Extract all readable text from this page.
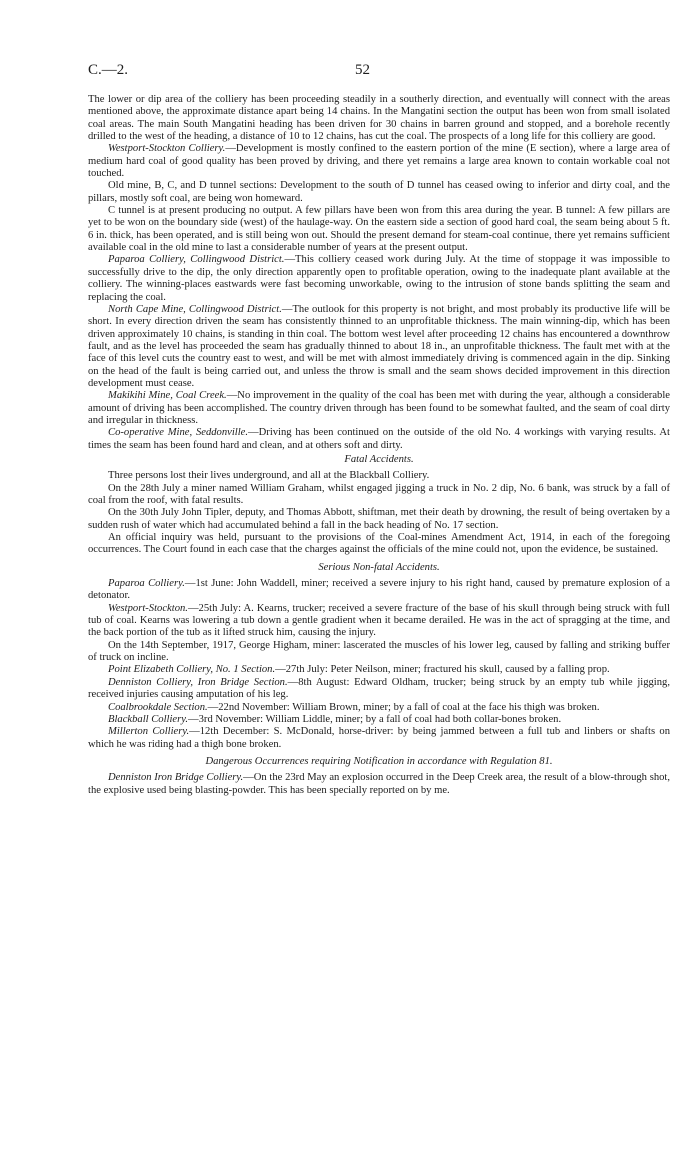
C.—2.	52

The lower or dip area of the colliery has been proceeding steadily in a southerly direction, and eventually will connect with the areas mentioned above, the approximate distance apart being 14 chains. In the Mangatini section the output has been won from small isolated coal areas. The main South Mangatini heading has been driven for 30 chains in barren ground and stopped, and a borehole recently drilled to the west of the heading, a distance of 10 to 12 chains, has cut the coal. The prospects of a long life for this colliery are good.

Westport-Stockton Colliery.—Development is mostly confined to the eastern portion of the mine (E section), where a large area of medium hard coal of good quality has been proved by driving, and there yet remains a large area known to contain workable coal not touched.

Old mine, B, C, and D tunnel sections: Development to the south of D tunnel has ceased owing to inferior and dirty coal, and the pillars, mostly soft coal, are being won homeward.

C tunnel is at present producing no output. A few pillars have been won from this area during the year. B tunnel: A few pillars are yet to be won on the boundary side (west) of the haulage-way. On the eastern side a section of good hard coal, the seam being about 5 ft. 6 in. thick, has been operated, and is still being won out. Should the present demand for steam-coal continue, there yet remains sufficient available coal in the old mine to last a considerable number of years at the present output.

Paparoa Colliery, Collingwood District.—This colliery ceased work during July. At the time of stoppage it was impossible to successfully drive to the dip, the only direction apparently open to profitable operation, owing to the inadequate plant available at the colliery. The winning-places eastwards were fast becoming unworkable, owing to the intrusion of stone bands splitting the seam and replacing the coal.

North Cape Mine, Collingwood District.—The outlook for this property is not bright, and most probably its productive life will be short. In every direction driven the seam has consistently thinned to an unprofitable thickness. The main winning-dip, which has been driven approximately 10 chains, is standing in thin coal. The bottom west level after proceeding 12 chains has encountered a downthrow fault, and as the level has proceeded the seam has gradually thinned to about 18 in., an unprofitable thickness. The fault met with at the face of this level cuts the country east to west, and will be met with almost immediately driving is commenced again in the dip. Sinking on the head of the fault is being carried out, and unless the throw is small and the seam shows decided improvement in this direction development must cease.

Makikihi Mine, Coal Creek.—No improvement in the quality of the coal has been met with during the year, although a considerable amount of driving has been accomplished. The country driven through has been found to be somewhat faulted, and the seam of coal dirty and irregular in thickness.

Co-operative Mine, Seddonville.—Driving has been continued on the outside of the old No. 4 workings with varying results. At times the seam has been found hard and clean, and at others soft and dirty.

Fatal Accidents.

Three persons lost their lives underground, and all at the Blackball Colliery.

On the 28th July a miner named William Graham, whilst engaged jigging a truck in No. 2 dip, No. 6 bank, was struck by a fall of coal from the roof, with fatal results.

On the 30th July John Tipler, deputy, and Thomas Abbott, shiftman, met their death by drowning, the result of being overtaken by a sudden rush of water which had accumulated behind a fall in the back heading of No. 17 section.

An official inquiry was held, pursuant to the provisions of the Coal-mines Amendment Act, 1914, in each of the foregoing occurrences. The Court found in each case that the charges against the officials of the mine could not, upon the evidence, be sustained.

Serious Non-fatal Accidents.

Paparoa Colliery.—1st June: John Waddell, miner; received a severe injury to his right hand, caused by premature explosion of a detonator.

Westport-Stockton.—25th July: A. Kearns, trucker; received a severe fracture of the base of his skull through being struck with full tub of coal. Kearns was lowering a tub down a gentle gradient when it became derailed. He was in the act of spragging at the time, and the back portion of the tub as it lifted struck him, causing the injury.

On the 14th September, 1917, George Higham, miner: lascerated the muscles of his lower leg, caused by falling and striking buffer of truck on incline.

Point Elizabeth Colliery, No. 1 Section.—27th July: Peter Neilson, miner; fractured his skull, caused by a falling prop.

Denniston Colliery, Iron Bridge Section.—8th August: Edward Oldham, trucker; being struck by an empty tub while jigging, received injuries causing amputation of his leg.

Coalbrookdale Section.—22nd November: William Brown, miner; by a fall of coal at the face his thigh was broken.

Blackball Colliery.—3rd November: William Liddle, miner; by a fall of coal had both collar-bones broken.

Millerton Colliery.—12th December: S. McDonald, horse-driver: by being jammed between a full tub and linbers or shafts on which he was riding had a thigh bone broken.

Dangerous Occurrences requiring Notification in accordance with Regulation 81.

Denniston Iron Bridge Colliery.—On the 23rd May an explosion occurred in the Deep Creek area, the result of a blow-through shot, the explosive used being blasting-powder. This has been specially reported on by me.
